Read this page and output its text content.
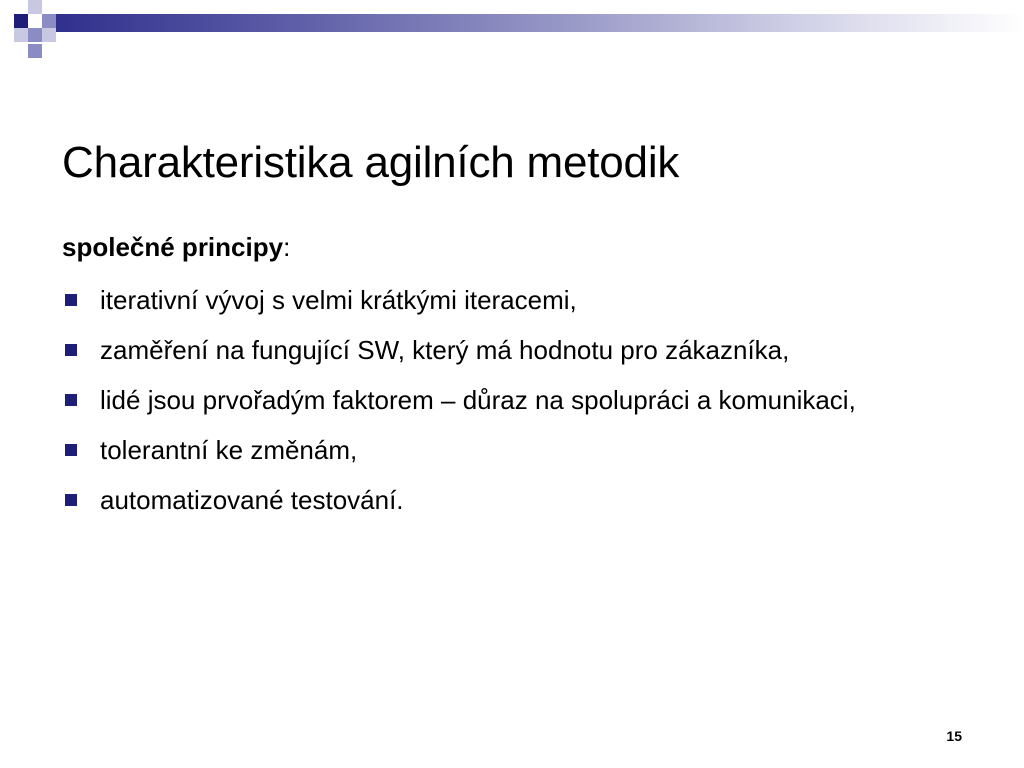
Charakteristika agilních metodik
společné principy:
iterativní vývoj s velmi krátkými iteracemi,
zaměření na fungující SW, který má hodnotu pro zákazníka,
lidé jsou prvořadým faktorem – důraz na spolupráci a komunikaci,
tolerantní ke změnám,
automatizované testování.
15
